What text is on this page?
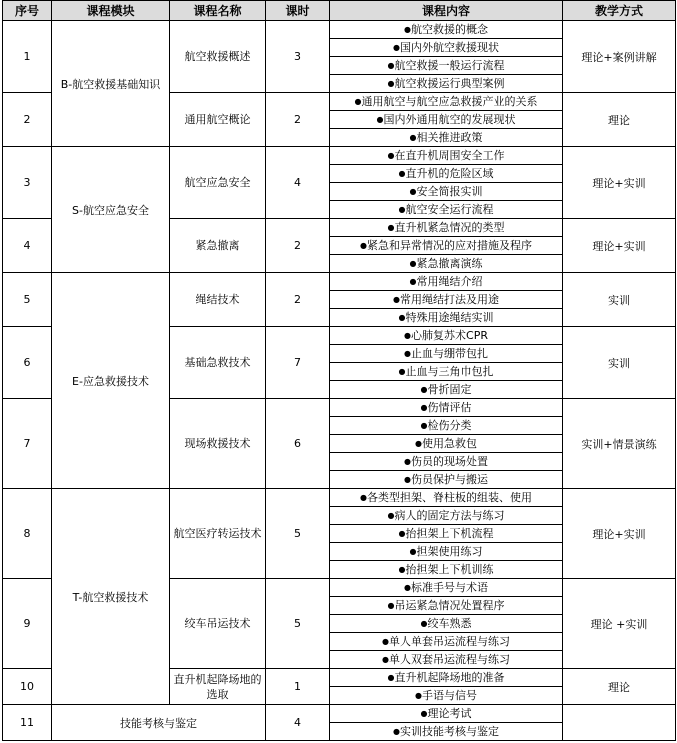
序号	课程模块	课程名称	课时	课程内容	教学方式
1	B-航空救援基础知识	航空救援概述	3	●航空救援的概念	理论+案例讲解
				●国内外航空救援现状	
				●航空救援一般运行流程	
				●航空救援运行典型案例	
2		通用航空概论	2	●通用航空与航空应急救援产业的关系	理论
				●国内外通用航空的发展现状	
				●相关推进政策	
3	S-航空应急安全	航空应急安全	4	●在直升机周围安全工作	理论+实训
				●直升机的危险区域	
				●安全简报实训	
				●航空安全运行流程	
4		紧急撤离	2	●直升机紧急情况的类型	理论+实训
				●紧急和异常情况的应对措施及程序	
				●紧急撤离演练	
5	E-应急救援技术	绳结技术	2	●常用绳结介绍	实训
				●常用绳结打法及用途	
				●特殊用途绳结实训	
6		基础急救技术	7	●心肺复苏术CPR	实训
				●止血与绷带包扎	
				●止血与三角巾包扎	
				●骨折固定	
7		现场救援技术	6	●伤情评估	实训+情景演练
				●检伤分类	
				●使用急救包	
				●伤员的现场处置	
				●伤员保护与搬运	
8	T-航空救援技术	航空医疗转运技术	5	●各类型担架、脊柱板的组装、使用	理论+实训
				●病人的固定方法与练习	
				●抬担架上下机流程	
				●担架使用练习	
				●抬担架上下机训练	
9		绞车吊运技术	5	●标准手号与术语	理论 +实训
				●吊运紧急情况处置程序	
				●绞车熟悉	
				●单人单套吊运流程与练习	
				●单人双套吊运流程与练习	
10		直升机起降场地的选取	1	●直升机起降场地的准备	理论
				●手语与信号	
11	技能考核与鉴定		4	●理论考试	
				●实训技能考核与鉴定	
